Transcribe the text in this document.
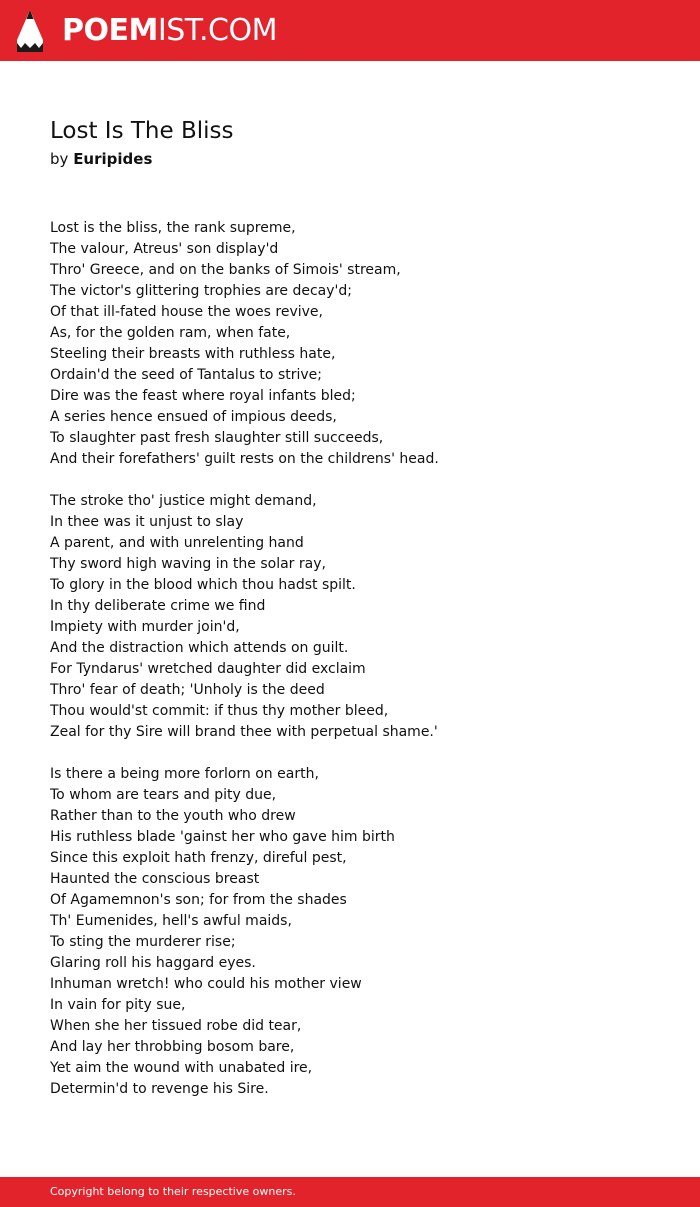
POEMIST.COM
Lost Is The Bliss
by Euripides
Lost is the bliss, the rank supreme,
The valour, Atreus' son display'd
Thro' Greece, and on the banks of Simois' stream,
The victor's glittering trophies are decay'd;
Of that ill-fated house the woes revive,
As, for the golden ram, when fate,
Steeling their breasts with ruthless hate,
Ordain'd the seed of Tantalus to strive;
Dire was the feast where royal infants bled;
A series hence ensued of impious deeds,
To slaughter past fresh slaughter still succeeds,
And their forefathers' guilt rests on the childrens' head.
The stroke tho' justice might demand,
In thee was it unjust to slay
A parent, and with unrelenting hand
Thy sword high waving in the solar ray,
To glory in the blood which thou hadst spilt.
In thy deliberate crime we find
Impiety with murder join'd,
And the distraction which attends on guilt.
For Tyndarus' wretched daughter did exclaim
Thro' fear of death; 'Unholy is the deed
Thou would'st commit: if thus thy mother bleed,
Zeal for thy Sire will brand thee with perpetual shame.'
Is there a being more forlorn on earth,
To whom are tears and pity due,
Rather than to the youth who drew
His ruthless blade 'gainst her who gave him birth
Since this exploit hath frenzy, direful pest,
Haunted the conscious breast
Of Agamemnon's son; for from the shades
Th' Eumenides, hell's awful maids,
To sting the murderer rise;
Glaring roll his haggard eyes.
Inhuman wretch! who could his mother view
In vain for pity sue,
When she her tissued robe did tear,
And lay her throbbing bosom bare,
Yet aim the wound with unabated ire,
Determin'd to revenge his Sire.
Copyright belong to their respective owners.
